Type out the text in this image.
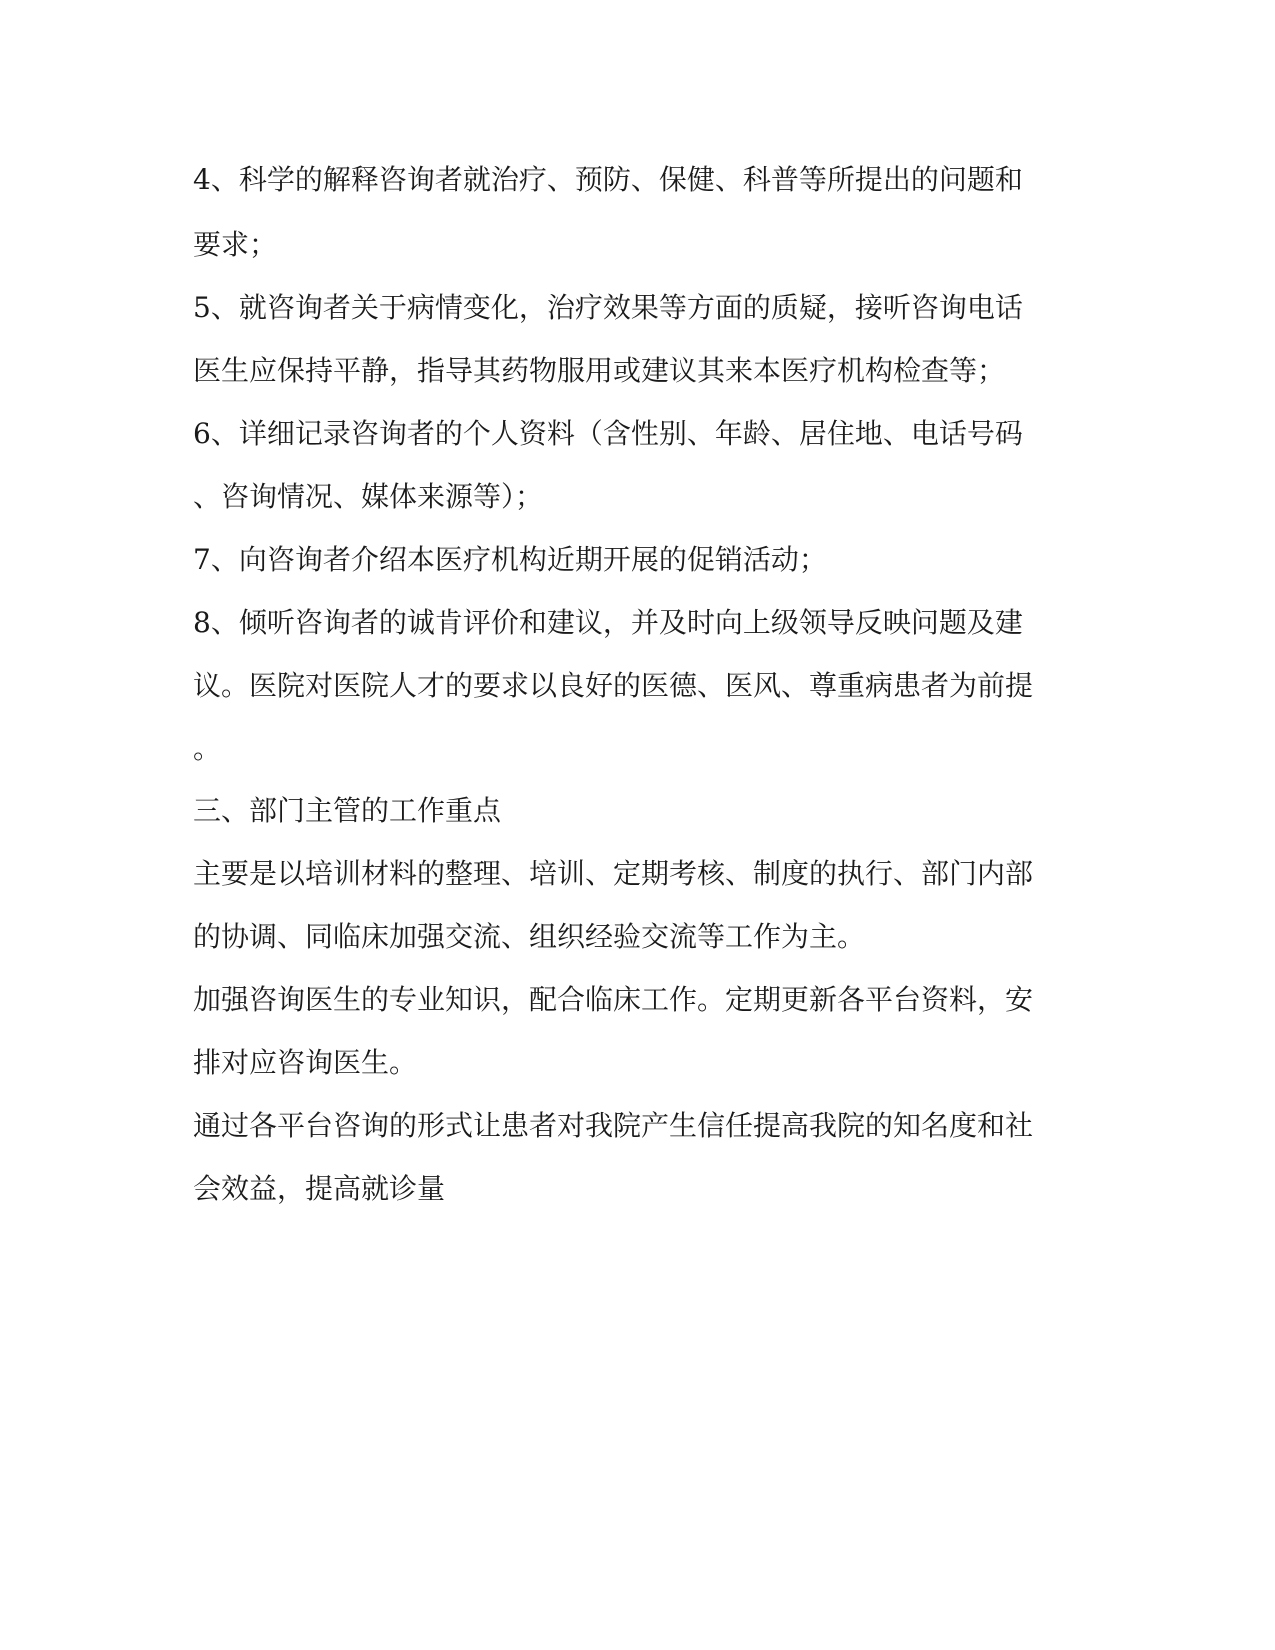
4、科学的解释咨询者就治疗、预防、保健、科普等所提出的问题和
要求；
5、就咨询者关于病情变化，治疗效果等方面的质疑，接听咨询电话
医生应保持平静，指导其药物服用或建议其来本医疗机构检查等；
6、详细记录咨询者的个人资料（含性别、年龄、居住地、电话号码
、咨询情况、媒体来源等）；
7、向咨询者介绍本医疗机构近期开展的促销活动；
8、倾听咨询者的诚肯评价和建议，并及时向上级领导反映问题及建
议。医院对医院人才的要求以良好的医德、医风、尊重病患者为前提
。
三、部门主管的工作重点
主要是以培训材料的整理、培训、定期考核、制度的执行、部门内部
的协调、同临床加强交流、组织经验交流等工作为主。
加强咨询医生的专业知识，配合临床工作。定期更新各平台资料，安
排对应咨询医生。
通过各平台咨询的形式让患者对我院产生信任提高我院的知名度和社
会效益，提高就诊量
